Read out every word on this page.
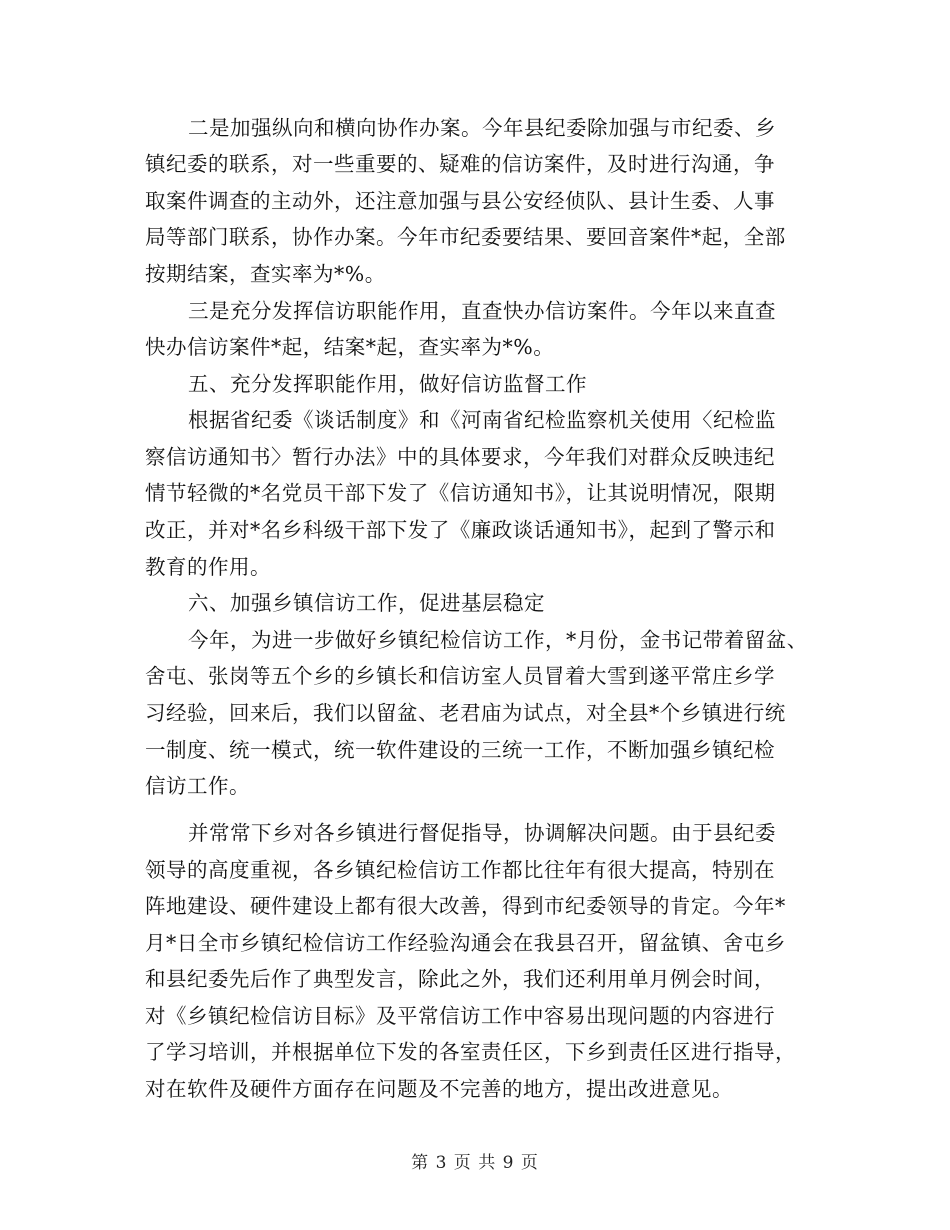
二是加强纵向和横向协作办案。今年县纪委除加强与市纪委、乡
镇纪委的联系，对一些重要的、疑难的信访案件，及时进行沟通，争
取案件调查的主动外，还注意加强与县公安经侦队、县计生委、人事
局等部门联系，协作办案。今年市纪委要结果、要回音案件*起，全部
按期结案，查实率为*%。
三是充分发挥信访职能作用，直查快办信访案件。今年以来直查
快办信访案件*起，结案*起，查实率为*%。
五、充分发挥职能作用，做好信访监督工作
根据省纪委《谈话制度》和《河南省纪检监察机关使用〈纪检监
察信访通知书〉暂行办法》中的具体要求，今年我们对群众反映违纪
情节轻微的*名党员干部下发了《信访通知书》，让其说明情况，限期
改正，并对*名乡科级干部下发了《廉政谈话通知书》，起到了警示和
教育的作用。
六、加强乡镇信访工作，促进基层稳定
今年，为进一步做好乡镇纪检信访工作，*月份，金书记带着留盆、
舍屯、张岗等五个乡的乡镇长和信访室人员冒着大雪到遂平常庄乡学
习经验，回来后，我们以留盆、老君庙为试点，对全县*个乡镇进行统
一制度、统一模式，统一软件建设的三统一工作，不断加强乡镇纪检
信访工作。
并常常下乡对各乡镇进行督促指导，协调解决问题。由于县纪委
领导的高度重视，各乡镇纪检信访工作都比往年有很大提高，特别在
阵地建设、硬件建设上都有很大改善，得到市纪委领导的肯定。今年*
月*日全市乡镇纪检信访工作经验沟通会在我县召开，留盆镇、舍屯乡
和县纪委先后作了典型发言，除此之外，我们还利用单月例会时间，
对《乡镇纪检信访目标》及平常信访工作中容易出现问题的内容进行
了学习培训，并根据单位下发的各室责任区，下乡到责任区进行指导，
对在软件及硬件方面存在问题及不完善的地方，提出改进意见。
第 3 页 共 9 页
